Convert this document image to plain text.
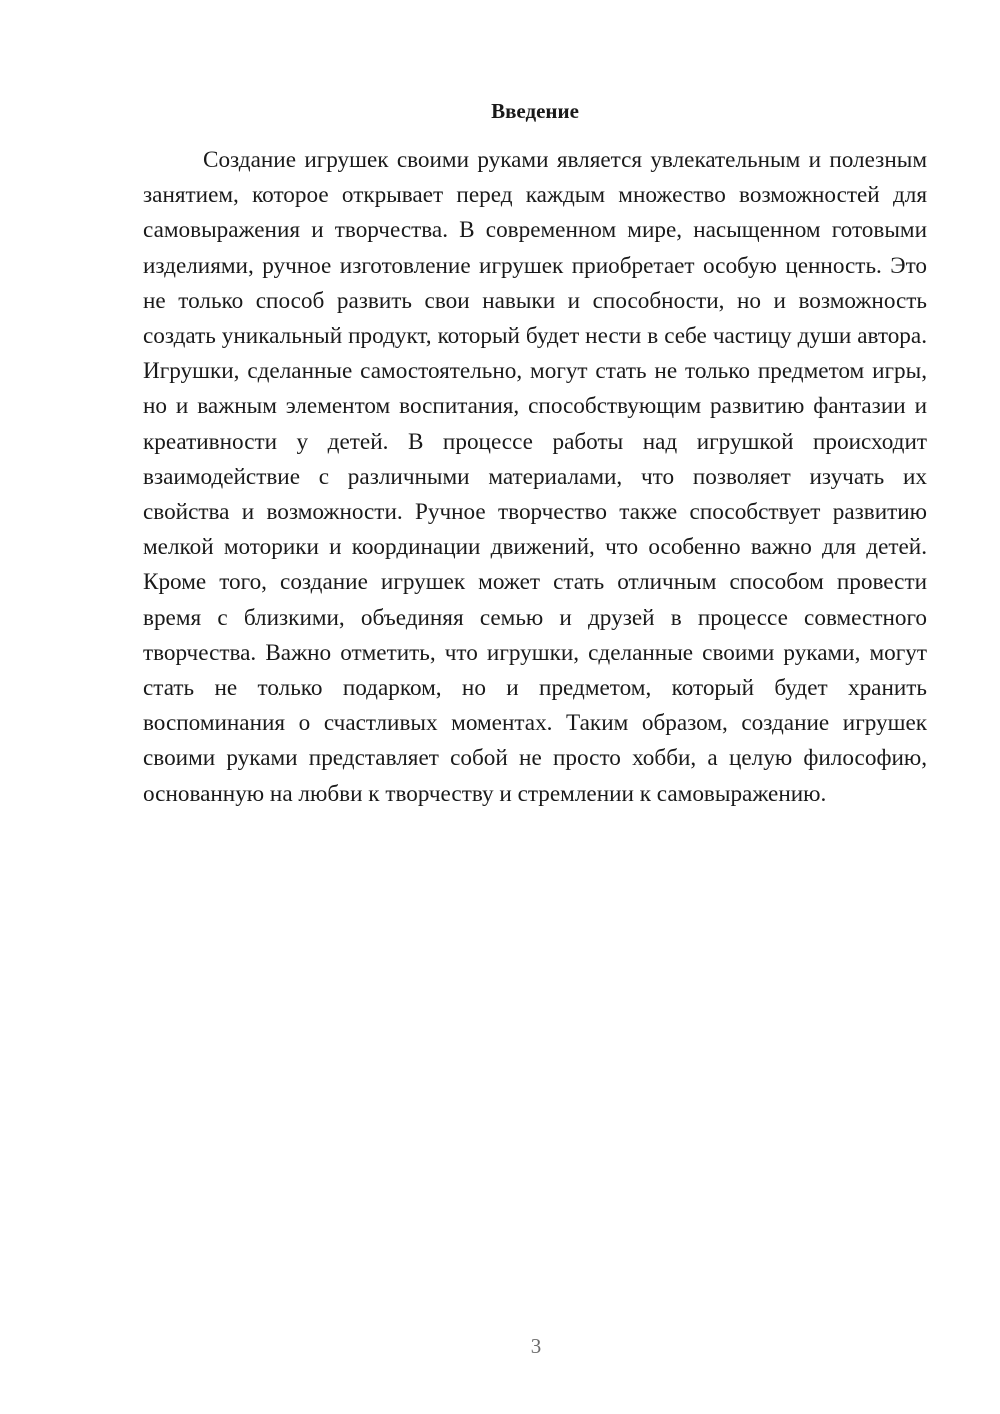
Введение

Создание игрушек своими руками является увлекательным и полезным занятием, которое открывает перед каждым множество возможностей для самовыражения и творчества. В современном мире, насыщенном готовыми изделиями, ручное изготовление игрушек приобретает особую ценность. Это не только способ развить свои навыки и способности, но и возможность создать уникальный продукт, который будет нести в себе частицу души автора. Игрушки, сделанные самостоятельно, могут стать не только предметом игры, но и важным элементом воспитания, способствующим развитию фантазии и креативности у детей. В процессе работы над игрушкой происходит взаимодействие с различными материалами, что позволяет изучать их свойства и возможности. Ручное творчество также способствует развитию мелкой моторики и координации движений, что особенно важно для детей. Кроме того, создание игрушек может стать отличным способом провести время с близкими, объединяя семью и друзей в процессе совместного творчества. Важно отметить, что игрушки, сделанные своими руками, могут стать не только подарком, но и предметом, который будет хранить воспоминания о счастливых моментах. Таким образом, создание игрушек своими руками представляет собой не просто хобби, а целую философию, основанную на любви к творчеству и стремлении к самовыражению.

3
